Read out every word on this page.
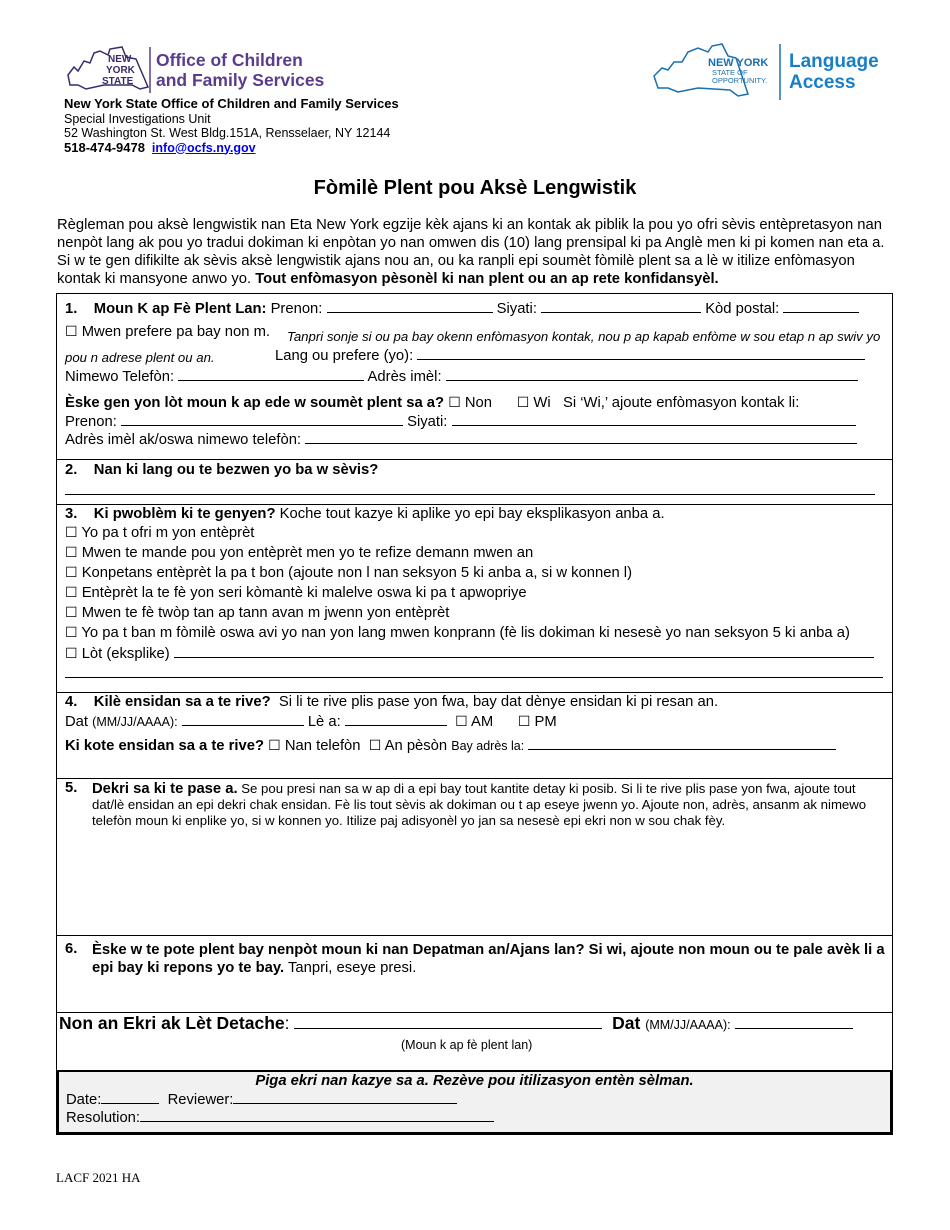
NEW
YORK
STATE
Office of Children
and Family Services
NEW YORK
STATE OF
OPPORTUNITY.
Language
Access
New York State Office of Children and Family Services
Special Investigations Unit
52 Washington St. West Bldg.151A, Rensselaer, NY 12144
518-474-9478 info@ocfs.ny.gov
Fòmilè Plent pou Aksè Lengwistik
Règleman pou aksè lengwistik nan Eta New York egzije kèk ajans ki an kontak ak piblik la pou yo ofri sèvis entèpretasyon nan nenpòt lang ak pou yo tradui dokiman ki enpòtan yo nan omwen dis (10) lang prensipal ki pa Anglè men ki pi komen nan eta a. Si w te gen difikilte ak sèvis aksè lengwistik ajans nou an, ou ka ranpli epi soumèt fòmilè plent sa a lè w itilize enfòmasyon kontak ki mansyone anwo yo. Tout enfòmasyon pèsonèl ki nan plent ou an ap rete konfidansyèl.
1. Moun K ap Fè Plent Lan: Prenon:	Siyati:	Kòd postal:
☐ Mwen prefere pa bay non m.	Tanpri sonje si ou pa bay okenn enfòmasyon kontak, nou p ap kapab enfòme w sou etap n ap swiv yo pou n adrese plent ou an.	Lang ou prefere (yo):
Nimewo Telefòn:	Adrès imèl:
Èske gen yon lòt moun k ap ede w soumèt plent sa a? ☐ Non ☐ Wi Si ‘Wi,’ ajoute enfòmasyon kontak li:
Prenon:	Siyati:
Adrès imèl ak/oswa nimewo telefòn:
2. Nan ki lang ou te bezwen yo ba w sèvis?
3. Ki pwoblèm ki te genyen? Koche tout kazye ki aplike yo epi bay eksplikasyon anba a.
☐ Yo pa t ofri m yon entèprèt
☐ Mwen te mande pou yon entèprèt men yo te refize demann mwen an
☐ Konpetans entèprèt la pa t bon (ajoute non l nan seksyon 5 ki anba a, si w konnen l)
☐ Entèprèt la te fè yon seri kòmantè ki malelve oswa ki pa t apwopriye
☐ Mwen te fè twòp tan ap tann avan m jwenn yon entèprèt
☐ Yo pa t ban m fòmilè oswa avi yo nan yon lang mwen konprann (fè lis dokiman ki nesesè yo nan seksyon 5 ki anba a)
☐ Lòt (eksplike)
4. Kilè ensidan sa a te rive? Si li te rive plis pase yon fwa, bay dat dènye ensidan ki pi resan an.
Dat (MM/JJ/AAAA):	Lè a:	☐ AM ☐ PM
Ki kote ensidan sa a te rive? ☐ Nan telefòn ☐ An pèsòn Bay adrès la:
5. Dekri sa ki te pase a. Se pou presi nan sa w ap di a epi bay tout kantite detay ki posib. Si li te rive plis pase yon fwa, ajoute tout dat/lè ensidan an epi dekri chak ensidan. Fè lis tout sèvis ak dokiman ou t ap eseye jwenn yo. Ajoute non, adrès, ansanm ak nimewo telefòn moun ki enplike yo, si w konnen yo. Itilize paj adisyonèl yo jan sa nesesè epi ekri non w sou chak fèy.
6. Èske w te pote plent bay nenpòt moun ki nan Depatman an/Ajans lan? Si wi, ajoute non moun ou te pale avèk li a epi bay ki repons yo te bay. Tanpri, eseye presi.
Non an Ekri ak Lèt Detache:	Dat (MM/JJ/AAAA):
(Moun k ap fè plent lan)
Piga ekri nan kazye sa a. Rezève pou itilizasyon entèn sèlman.
Date:	Reviewer:
Resolution:
LACF 2021 HA
